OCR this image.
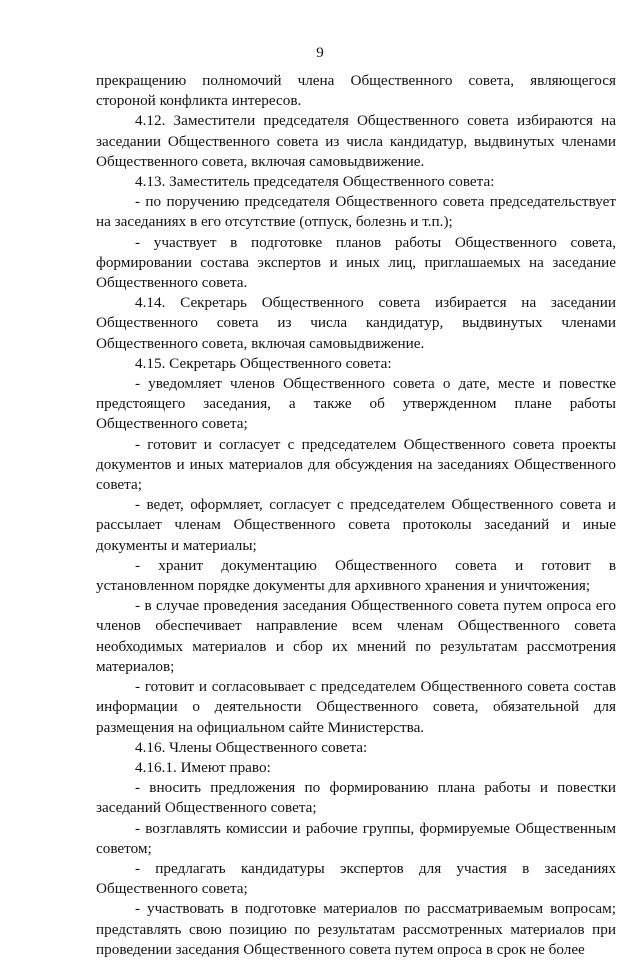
9

прекращению полномочий члена Общественного совета, являющегося стороной конфликта интересов.

4.12. Заместители председателя Общественного совета избираются на заседании Общественного совета из числа кандидатур, выдвинутых членами Общественного совета, включая самовыдвижение.

4.13. Заместитель председателя Общественного совета:

- по поручению председателя Общественного совета председательствует на заседаниях в его отсутствие (отпуск, болезнь и т.п.);

- участвует в подготовке планов работы Общественного совета, формировании состава экспертов и иных лиц, приглашаемых на заседание Общественного совета.

4.14. Секретарь Общественного совета избирается на заседании Общественного совета из числа кандидатур, выдвинутых членами Общественного совета, включая самовыдвижение.

4.15. Секретарь Общественного совета:

- уведомляет членов Общественного совета о дате, месте и повестке предстоящего заседания, а также об утвержденном плане работы Общественного совета;

- готовит и согласует с председателем Общественного совета проекты документов и иных материалов для обсуждения на заседаниях Общественного совета;

- ведет, оформляет, согласует с председателем Общественного совета и рассылает членам Общественного совета протоколы заседаний и иные документы и материалы;

- хранит документацию Общественного совета и готовит в установленном порядке документы для архивного хранения и уничтожения;

- в случае проведения заседания Общественного совета путем опроса его членов обеспечивает направление всем членам Общественного совета необходимых материалов и сбор их мнений по результатам рассмотрения материалов;

- готовит и согласовывает с председателем Общественного совета состав информации о деятельности Общественного совета, обязательной для размещения на официальном сайте Министерства.

4.16. Члены Общественного совета:

4.16.1. Имеют право:

- вносить предложения по формированию плана работы и повестки заседаний Общественного совета;

- возглавлять комиссии и рабочие группы, формируемые Общественным советом;

- предлагать кандидатуры экспертов для участия в заседаниях Общественного совета;

- участвовать в подготовке материалов по рассматриваемым вопросам; представлять свою позицию по результатам рассмотренных материалов при проведении заседания Общественного совета путем опроса в срок не более
